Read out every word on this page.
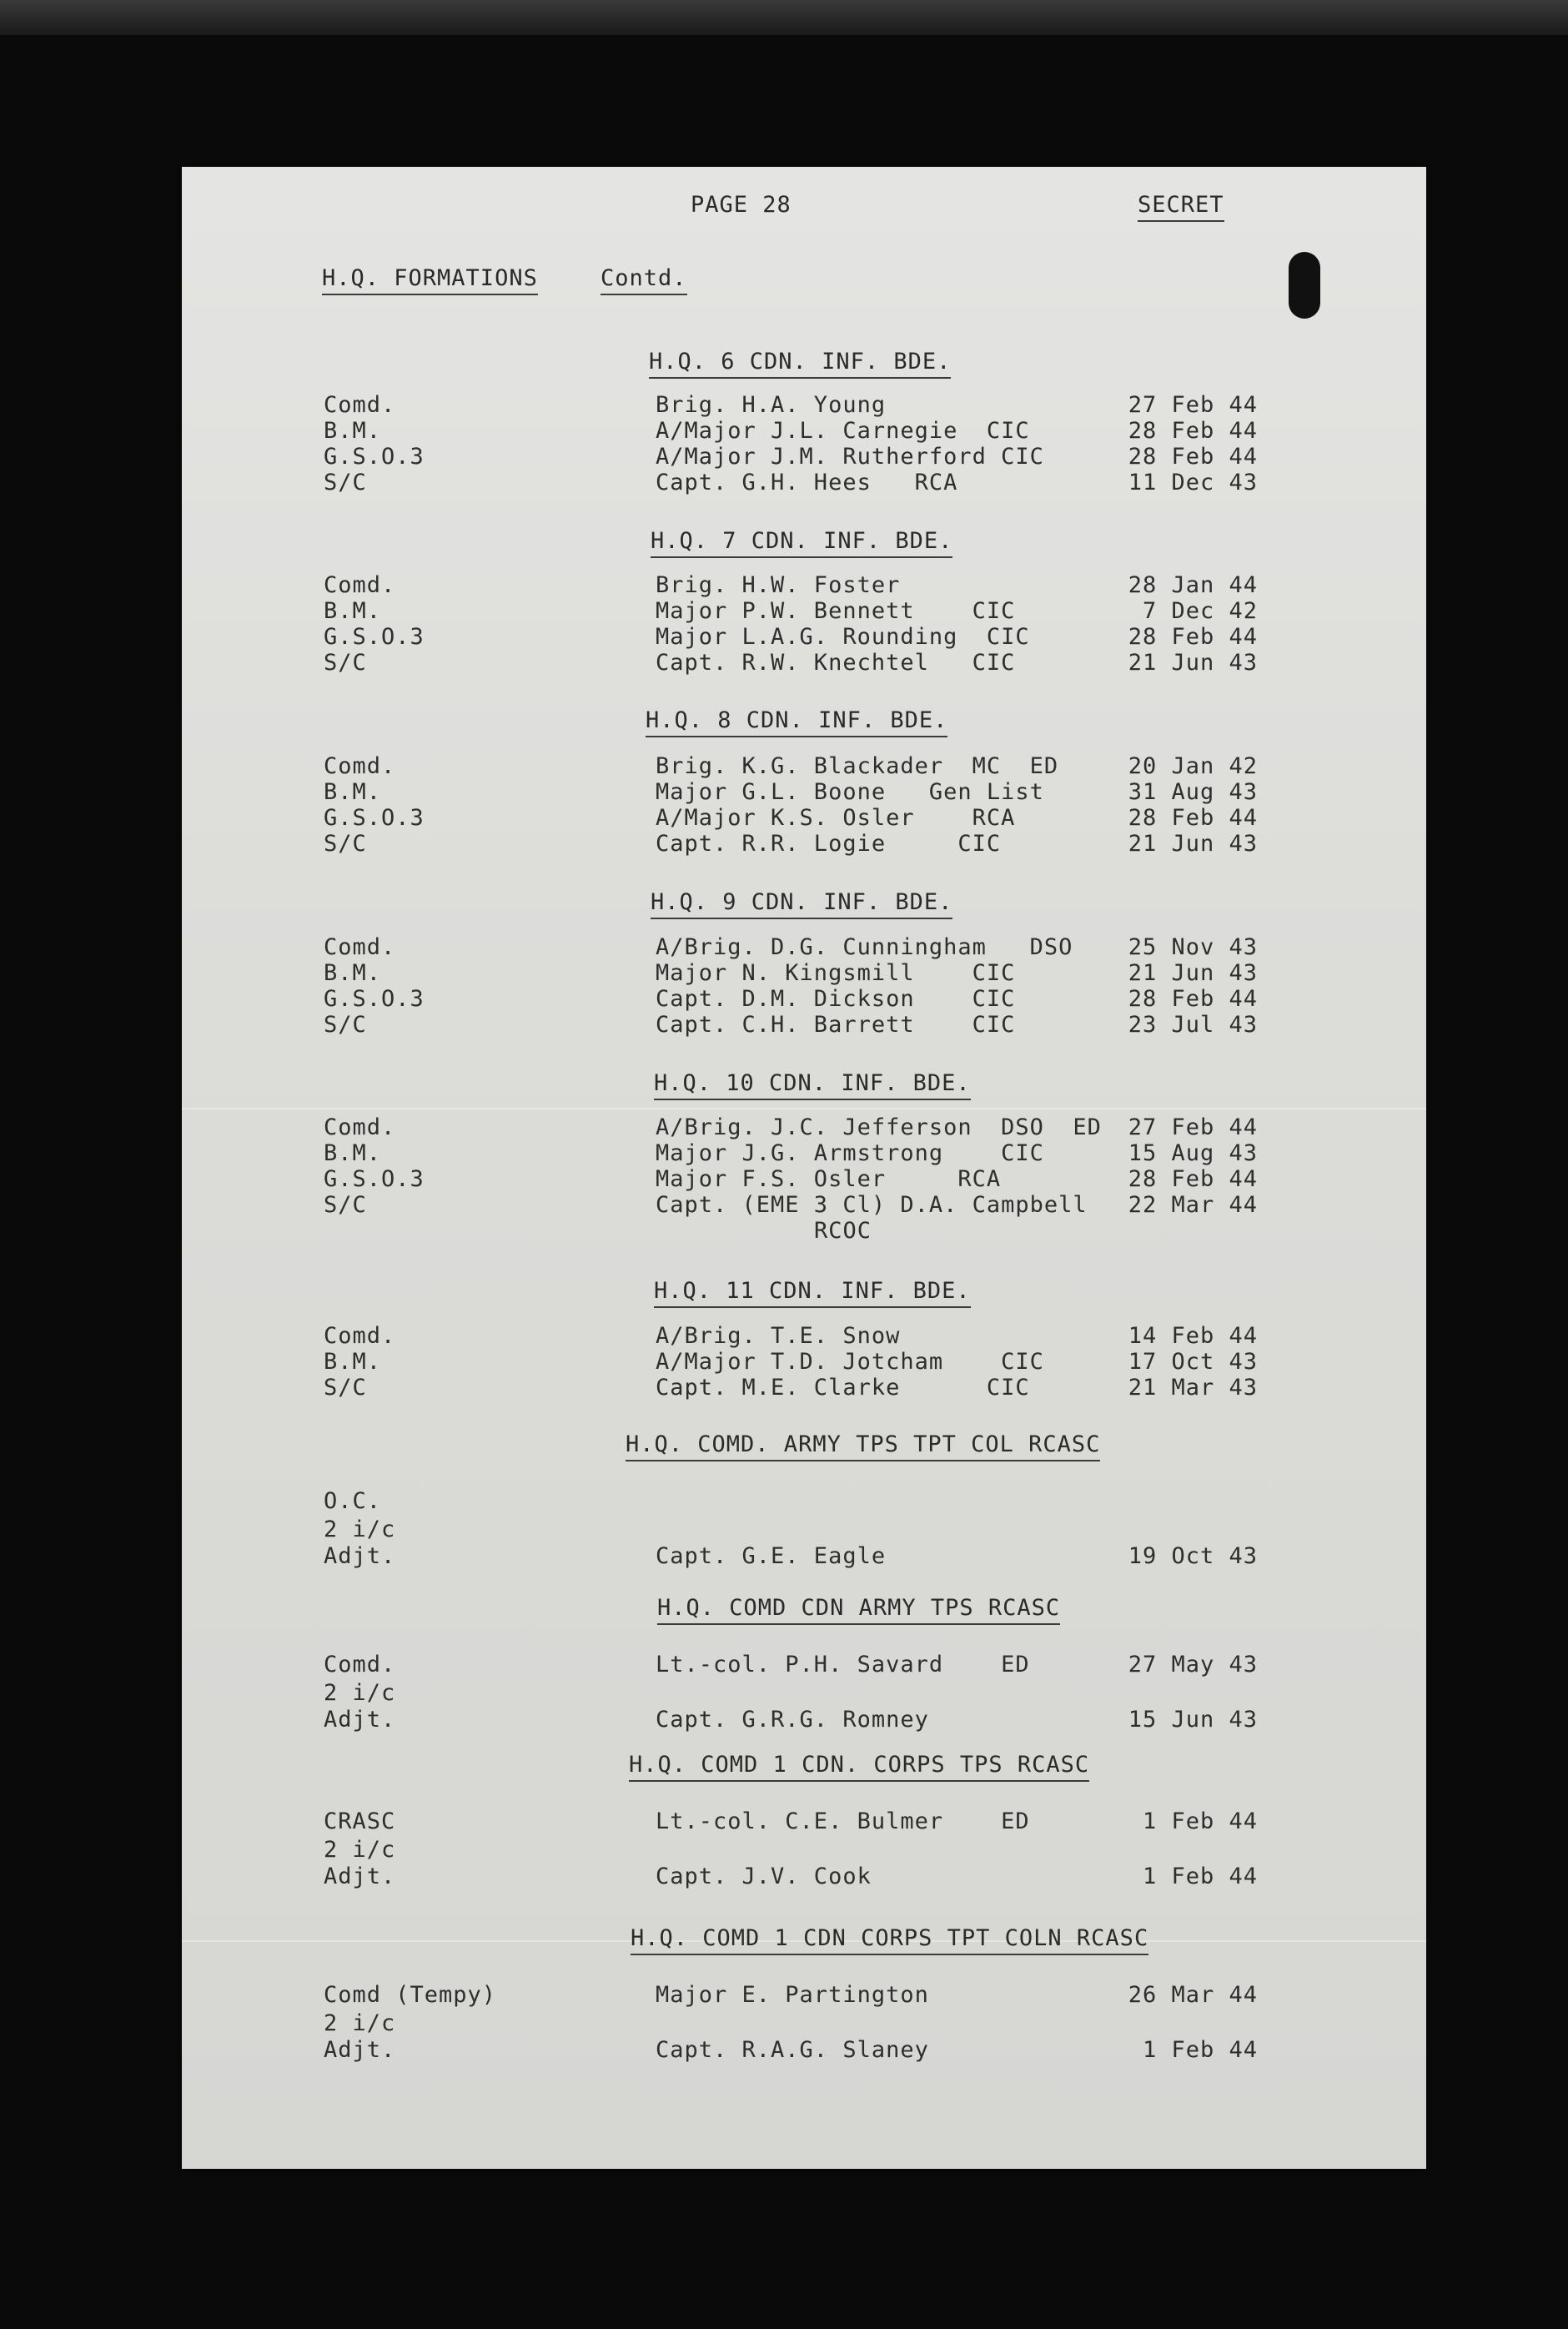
PAGE 28	SECRET
H.Q. FORMATIONS	Contd.
H.Q. 6 CDN. INF. BDE.
Comd.	Brig. H.A. Young	27 Feb 44
B.M.	A/Major J.L. Carnegie  CIC	28 Feb 44
G.S.O.3	A/Major J.M. Rutherford CIC	28 Feb 44
S/C	Capt. G.H. Hees   RCA	11 Dec 43
H.Q. 7 CDN. INF. BDE.
Comd.	Brig. H.W. Foster	28 Jan 44
B.M.	Major P.W. Bennett    CIC	7 Dec 42
G.S.O.3	Major L.A.G. Rounding  CIC	28 Feb 44
S/C	Capt. R.W. Knechtel   CIC	21 Jun 43
H.Q. 8 CDN. INF. BDE.
Comd.	Brig. K.G. Blackader  MC  ED	20 Jan 42
B.M.	Major G.L. Boone   Gen List	31 Aug 43
G.S.O.3	A/Major K.S. Osler    RCA	28 Feb 44
S/C	Capt. R.R. Logie     CIC	21 Jun 43
H.Q. 9 CDN. INF. BDE.
Comd.	A/Brig. D.G. Cunningham   DSO	25 Nov 43
B.M.	Major N. Kingsmill    CIC	21 Jun 43
G.S.O.3	Capt. D.M. Dickson    CIC	28 Feb 44
S/C	Capt. C.H. Barrett    CIC	23 Jul 43
H.Q. 10 CDN. INF. BDE.
Comd.	A/Brig. J.C. Jefferson  DSO  ED	27 Feb 44
B.M.	Major J.G. Armstrong    CIC	15 Aug 43
G.S.O.3	Major F.S. Osler     RCA	28 Feb 44
S/C	Capt. (EME 3 Cl) D.A. Campbell	22 Mar 44
RCOC
H.Q. 11 CDN. INF. BDE.
Comd.	A/Brig. T.E. Snow	14 Feb 44
B.M.	A/Major T.D. Jotcham    CIC	17 Oct 43
S/C	Capt. M.E. Clarke      CIC	21 Mar 43
H.Q. COMD. ARMY TPS TPT COL RCASC
O.C.
2 i/c
Adjt.	Capt. G.E. Eagle	19 Oct 43
H.Q. COMD CDN ARMY TPS RCASC
Comd.	Lt.-col. P.H. Savard    ED	27 May 43
2 i/c
Adjt.	Capt. G.R.G. Romney	15 Jun 43
H.Q. COMD 1 CDN. CORPS TPS RCASC
CRASC	Lt.-col. C.E. Bulmer    ED	1 Feb 44
2 i/c
Adjt.	Capt. J.V. Cook	1 Feb 44
H.Q. COMD 1 CDN CORPS TPT COLN RCASC
Comd (Tempy)	Major E. Partington	26 Mar 44
2 i/c
Adjt.	Capt. R.A.G. Slaney	1 Feb 44
